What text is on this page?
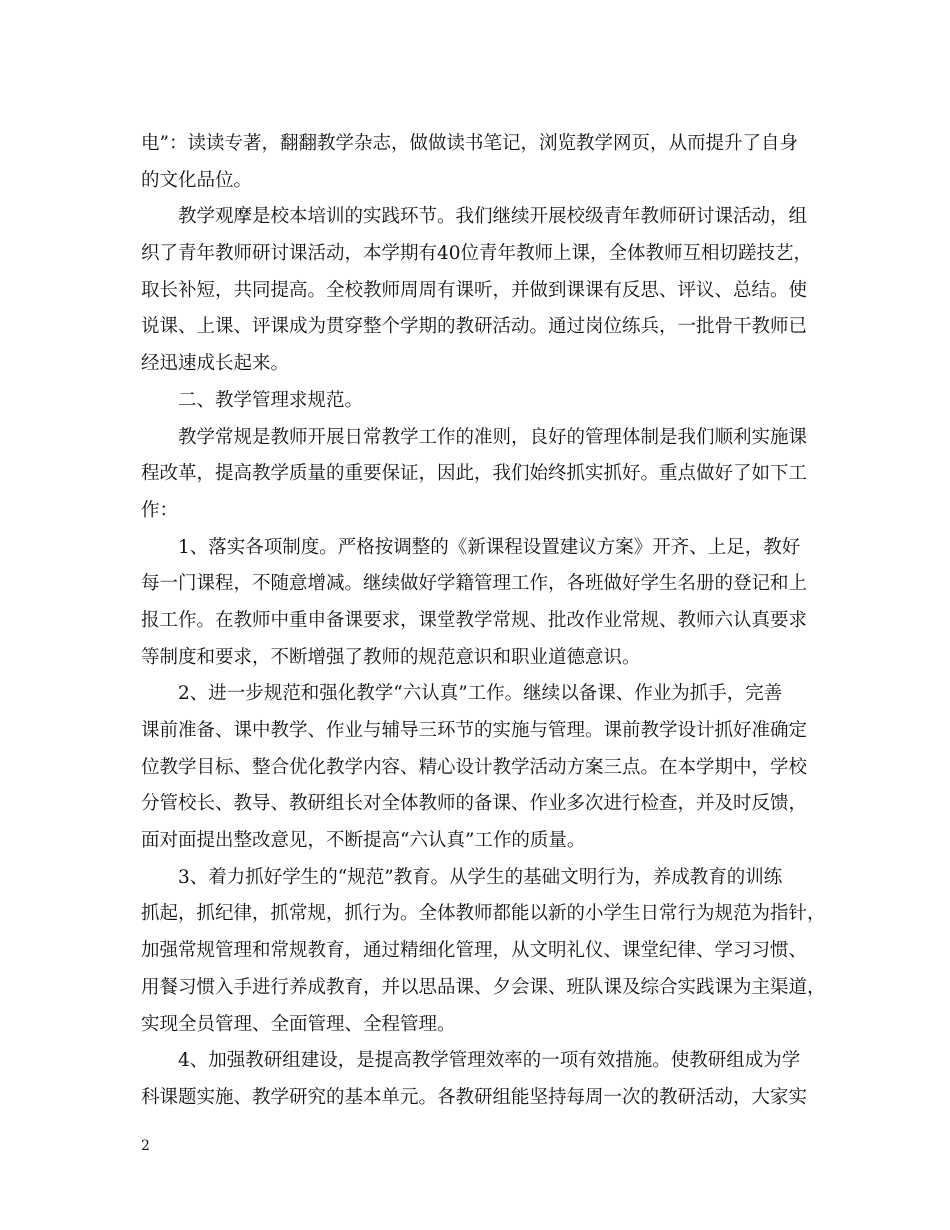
电”：读读专著，翻翻教学杂志，做做读书笔记，浏览教学网页，从而提升了自身
的文化品位。
教学观摩是校本培训的实践环节。我们继续开展校级青年教师研讨课活动，组
织了青年教师研讨课活动，本学期有40位青年教师上课，全体教师互相切蹉技艺，
取长补短，共同提高。全校教师周周有课听，并做到课课有反思、评议、总结。使
说课、上课、评课成为贯穿整个学期的教研活动。通过岗位练兵，一批骨干教师已
经迅速成长起来。
二、教学管理求规范。
教学常规是教师开展日常教学工作的准则，良好的管理体制是我们顺利实施课
程改革，提高教学质量的重要保证，因此，我们始终抓实抓好。重点做好了如下工
作：
1、落实各项制度。严格按调整的《新课程设置建议方案》开齐、上足，教好
每一门课程，不随意增减。继续做好学籍管理工作，各班做好学生名册的登记和上
报工作。在教师中重申备课要求，课堂教学常规、批改作业常规、教师六认真要求
等制度和要求，不断增强了教师的规范意识和职业道德意识。
2、进一步规范和强化教学“六认真”工作。继续以备课、作业为抓手，完善
课前准备、课中教学、作业与辅导三环节的实施与管理。课前教学设计抓好准确定
位教学目标、整合优化教学内容、精心设计教学活动方案三点。在本学期中，学校
分管校长、教导、教研组长对全体教师的备课、作业多次进行检查，并及时反馈，
面对面提出整改意见，不断提高“六认真”工作的质量。
3、着力抓好学生的“规范”教育。从学生的基础文明行为，养成教育的训练
抓起，抓纪律，抓常规，抓行为。全体教师都能以新的小学生日常行为规范为指针，
加强常规管理和常规教育，通过精细化管理，从文明礼仪、课堂纪律、学习习惯、
用餐习惯入手进行养成教育，并以思品课、夕会课、班队课及综合实践课为主渠道，
实现全员管理、全面管理、全程管理。
4、加强教研组建设，是提高教学管理效率的一项有效措施。使教研组成为学
科课题实施、教学研究的基本单元。各教研组能坚持每周一次的教研活动，大家实
2
